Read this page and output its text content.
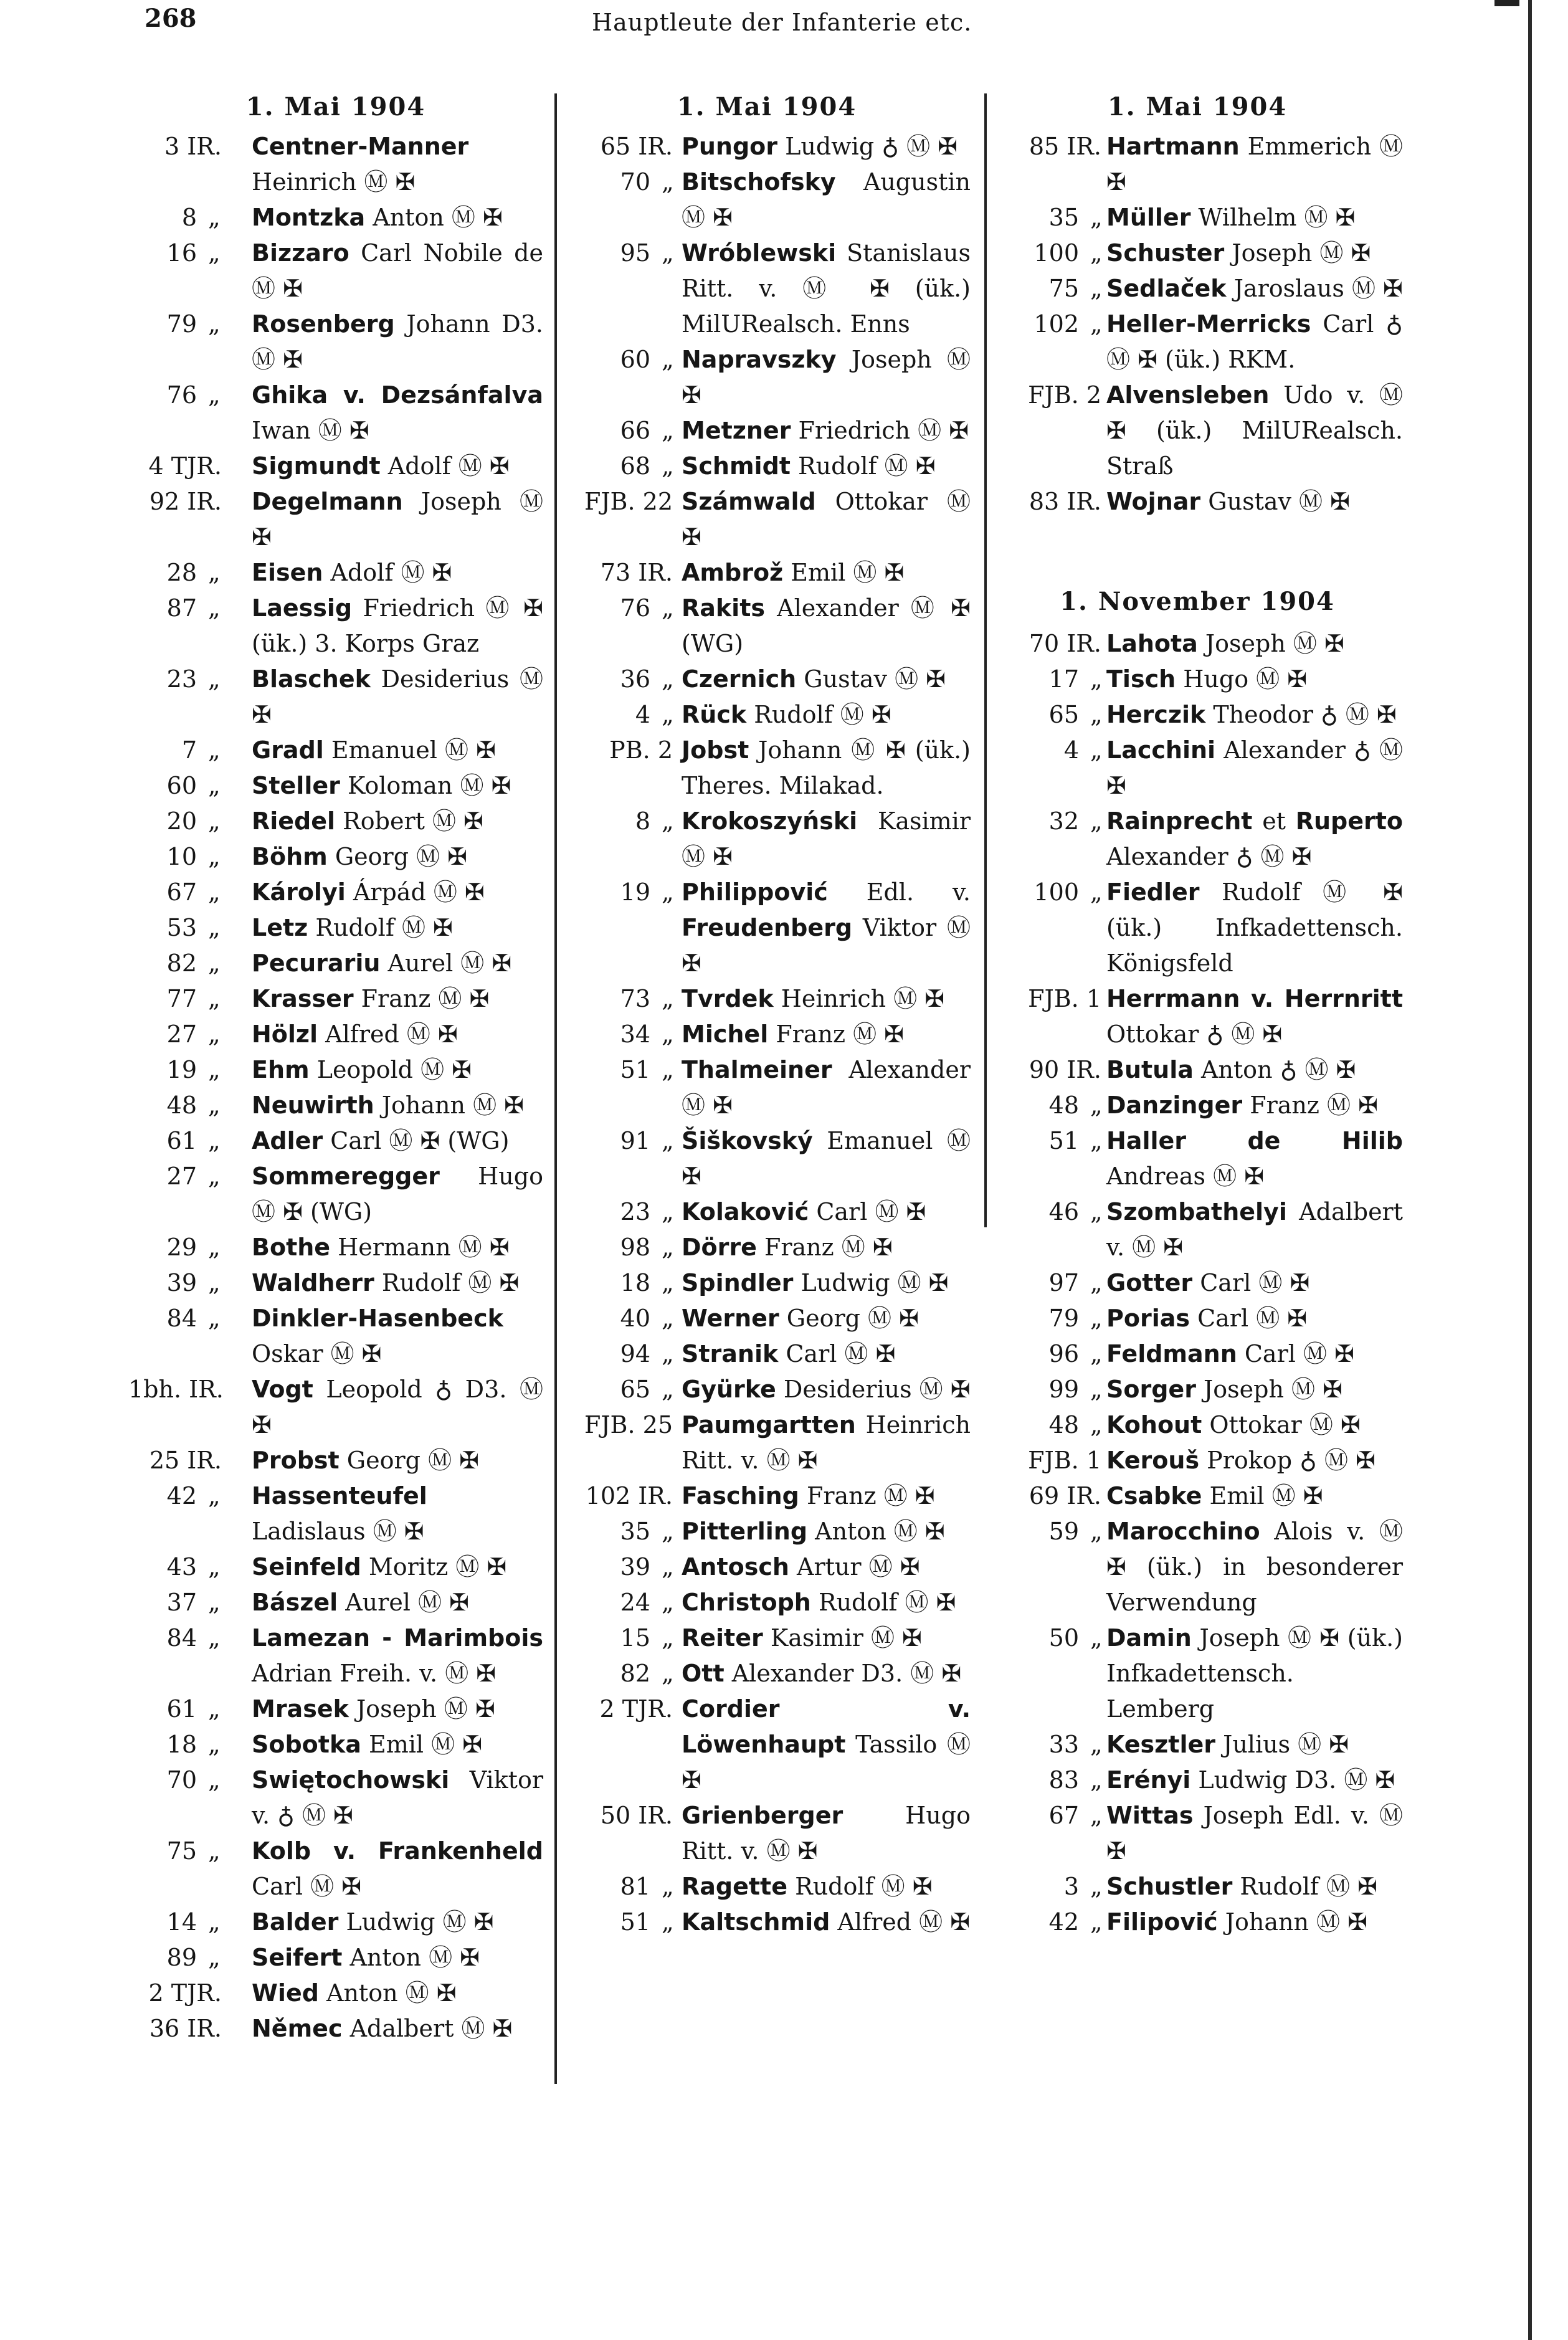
268	Hauptleute der Infanterie etc.
1. Mai 1904
3 IR. Centner-Manner Heinrich Ⓜ ✠
8 „ Montzka Anton Ⓜ ✠
16 „ Bizzaro Carl Nobile de Ⓜ ✠
79 „ Rosenberg Johann D3. Ⓜ ✠
76 „ Ghika v. Dezsánfalva Iwan Ⓜ ✠
4 TJR. Sigmundt Adolf Ⓜ ✠
92 IR. Degelmann Joseph Ⓜ ✠
28 „ Eisen Adolf Ⓜ ✠
87 „ Laessig Friedrich Ⓜ ✠ (ük.) 3. Korps Graz
23 „ Blaschek Desiderius Ⓜ ✠
7 „ Gradl Emanuel Ⓜ ✠
60 „ Steller Koloman Ⓜ ✠
20 „ Riedel Robert Ⓜ ✠
10 „ Böhm Georg Ⓜ ✠
67 „ Károlyi Árpád Ⓜ ✠
53 „ Letz Rudolf Ⓜ ✠
82 „ Pecurariu Aurel Ⓜ ✠
77 „ Krasser Franz Ⓜ ✠
27 „ Hölzl Alfred Ⓜ ✠
19 „ Ehm Leopold Ⓜ ✠
48 „ Neuwirth Johann Ⓜ ✠
61 „ Adler Carl Ⓜ ✠ (WG)
27 „ Sommeregger Hugo Ⓜ ✠ (WG)
29 „ Bothe Hermann Ⓜ ✠
39 „ Waldherr Rudolf Ⓜ ✠
84 „ Dinkler-Hasenbeck Oskar Ⓜ ✠
1bh. IR. Vogt Leopold ♁ D3. Ⓜ ✠
25 IR. Probst Georg Ⓜ ✠
42 „ Hassenteufel Ladislaus Ⓜ ✠
43 „ Seinfeld Moritz Ⓜ ✠
37 „ Bászel Aurel Ⓜ ✠
84 „ Lamezan - Marimbois Adrian Freih. v. Ⓜ ✠
61 „ Mrasek Joseph Ⓜ ✠
18 „ Sobotka Emil Ⓜ ✠
70 „ Swiętochowski Viktor v. ♁ Ⓜ ✠
75 „ Kolb v. Frankenheld Carl Ⓜ ✠
14 „ Balder Ludwig Ⓜ ✠
89 „ Seifert Anton Ⓜ ✠
2 TJR. Wied Anton Ⓜ ✠
36 IR. Němec Adalbert Ⓜ ✠
1. Mai 1904
65 IR. Pungor Ludwig ♁ Ⓜ ✠
70 „ Bitschofsky Augustin Ⓜ ✠
95 „ Wróblewski Stanislaus Ritt. v. Ⓜ ✠ (ük.) MilURealsch. Enns
60 „ Napravszky Joseph Ⓜ ✠
66 „ Metzner Friedrich Ⓜ ✠
68 „ Schmidt Rudolf Ⓜ ✠
FJB. 22 Számwald Ottokar Ⓜ ✠
73 IR. Ambrož Emil Ⓜ ✠
76 „ Rakits Alexander Ⓜ ✠ (WG)
36 „ Czernich Gustav Ⓜ ✠
4 „ Rück Rudolf Ⓜ ✠
PB. 2 Jobst Johann Ⓜ ✠ (ük.) Theres. Milakad.
8 „ Krokoszyński Kasimir Ⓜ ✠
19 „ Philippović Edl. v. Freudenberg Viktor Ⓜ ✠
73 „ Tvrdek Heinrich Ⓜ ✠
34 „ Michel Franz Ⓜ ✠
51 „ Thalmeiner Alexander Ⓜ ✠
91 „ Šiškovský Emanuel Ⓜ ✠
23 „ Kolaković Carl Ⓜ ✠
98 „ Dörre Franz Ⓜ ✠
18 „ Spindler Ludwig Ⓜ ✠
40 „ Werner Georg Ⓜ ✠
94 „ Stranik Carl Ⓜ ✠
65 „ Gyürke Desiderius Ⓜ ✠
FJB. 25 Paumgartten Heinrich Ritt. v. Ⓜ ✠
102 IR. Fasching Franz Ⓜ ✠
35 „ Pitterling Anton Ⓜ ✠
39 „ Antosch Artur Ⓜ ✠
24 „ Christoph Rudolf Ⓜ ✠
15 „ Reiter Kasimir Ⓜ ✠
82 „ Ott Alexander D3. Ⓜ ✠
2 TJR. Cordier v. Löwenhaupt Tassilo Ⓜ ✠
50 IR. Grienberger	Hugo Ritt. v. Ⓜ ✠
81 „ Ragette Rudolf Ⓜ ✠
51 „ Kaltschmid Alfred Ⓜ ✠
1. Mai 1904
85 IR. Hartmann Emmerich Ⓜ ✠
35 „ Müller Wilhelm Ⓜ ✠
100 „ Schuster Joseph Ⓜ ✠
75 „ Sedlaček Jaroslaus Ⓜ ✠
102 „ Heller-Merricks Carl ♁ Ⓜ ✠ (ük.) RKM.
FJB. 2 Alvensleben Udo v. Ⓜ ✠ (ük.) MilURealsch. Straß
83 IR. Wojnar Gustav Ⓜ ✠
1. November 1904
70 IR. Lahota Joseph Ⓜ ✠
17 „ Tisch Hugo Ⓜ ✠
65 „ Herczik Theodor ♁ Ⓜ ✠
4 „ Lacchini Alexander ♁ Ⓜ ✠
32 „ Rainprecht et Ruperto Alexander ♁ Ⓜ ✠
100 „ Fiedler Rudolf Ⓜ ✠ (ük.) Infkadettensch. Königsfeld
FJB. 1 Herrmann v. Herrnritt Ottokar ♁ Ⓜ ✠
90 IR. Butula Anton ♁ Ⓜ ✠
48 „ Danzinger Franz Ⓜ ✠
51 „ Haller de Hilib Andreas Ⓜ ✠
46 „ Szombathelyi Adalbert v. Ⓜ ✠
97 „ Gotter Carl Ⓜ ✠
79 „ Porias Carl Ⓜ ✠
96 „ Feldmann Carl Ⓜ ✠
99 „ Sorger Joseph Ⓜ ✠
48 „ Kohout Ottokar Ⓜ ✠
FJB. 1 Kerouš Prokop ♁ Ⓜ ✠
69 IR. Csabke Emil Ⓜ ✠
59 „ Marocchino Alois v. Ⓜ ✠ (ük.) in besonderer Verwendung
50 „ Damin Joseph Ⓜ ✠ (ük.) Infkadettensch. Lemberg
33 „ Kesztler Julius Ⓜ ✠
83 „ Erényi Ludwig D3. Ⓜ ✠
67 „ Wittas Joseph Edl. v. Ⓜ ✠
3 „ Schustler Rudolf Ⓜ ✠
42 „ Filipović Johann Ⓜ ✠
